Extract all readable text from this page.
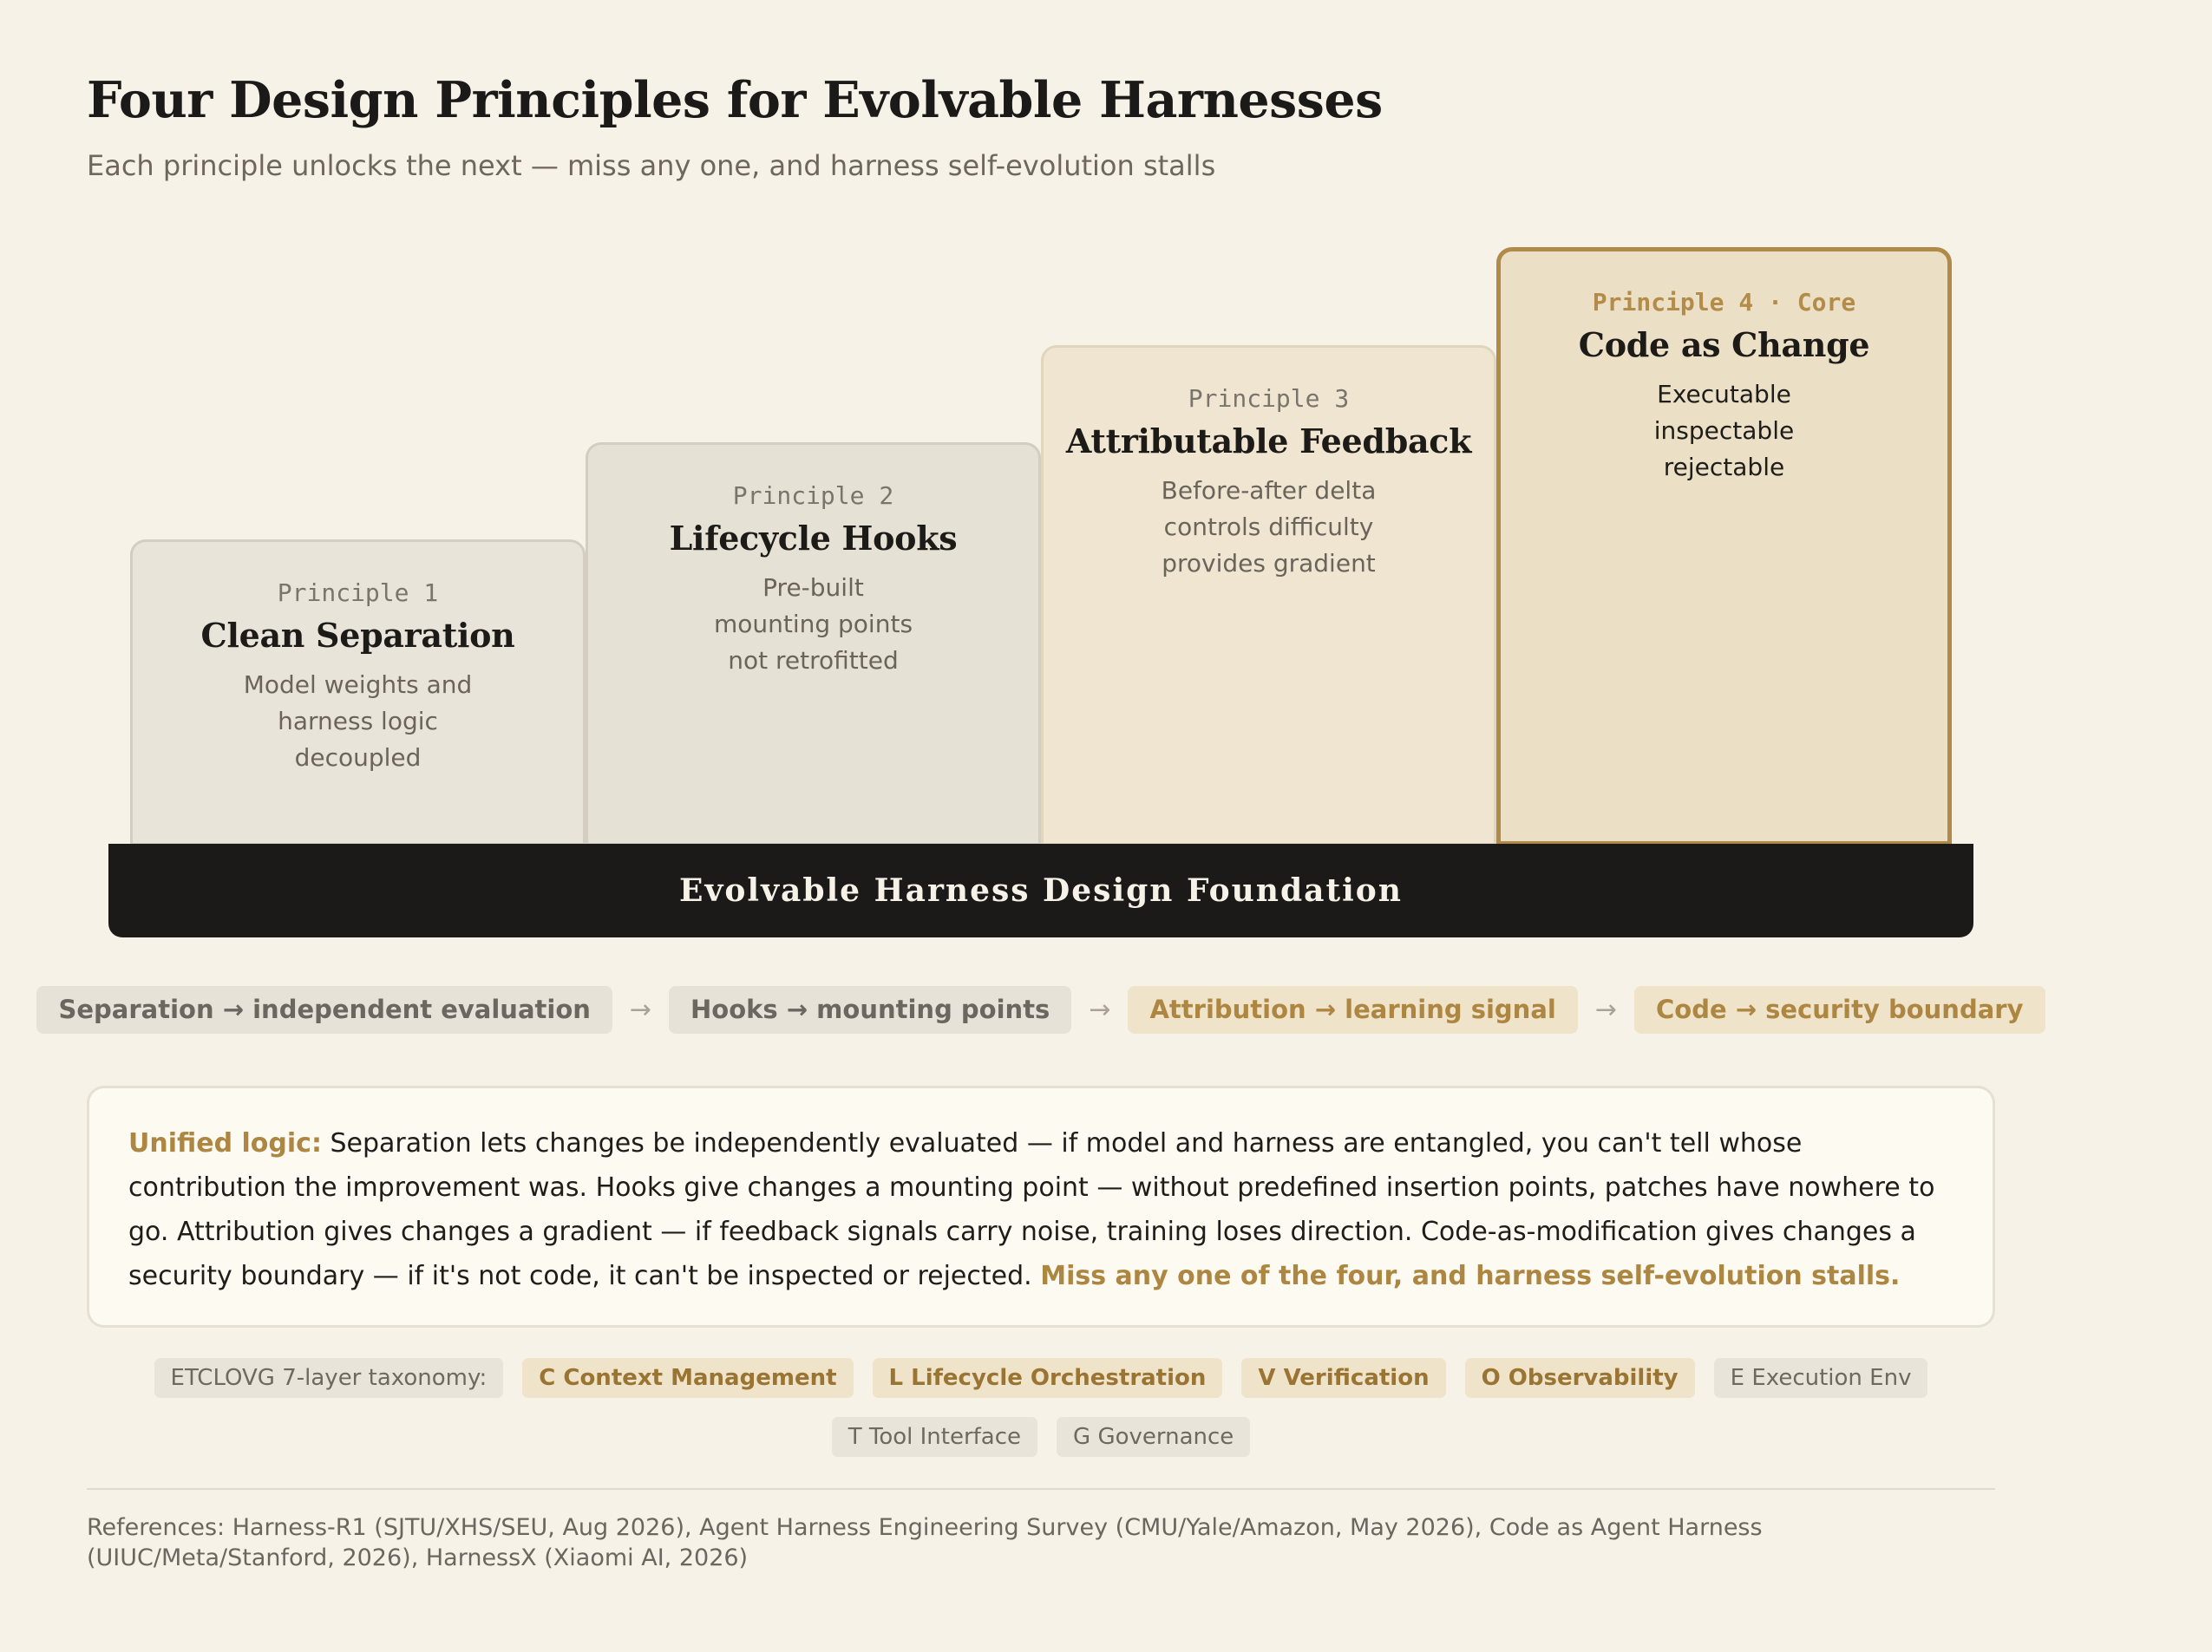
Four Design Principles for Evolvable Harnesses
Each principle unlocks the next — miss any one, and harness self-evolution stalls
Principle 1
Clean Separation
Model weights and
harness logic
decoupled
Principle 2
Lifecycle Hooks
Pre-built
mounting points
not retrofitted
Principle 3
Attributable Feedback
Before-after delta
controls difficulty
provides gradient
Principle 4 · Core
Code as Change
Executable
inspectable
rejectable
Evolvable Harness Design Foundation
Separation → independent evaluation	→	Hooks → mounting points	→	Attribution → learning signal	→	Code → security boundary
Unified logic: Separation lets changes be independently evaluated — if model and harness are entangled, you can't tell whose contribution the improvement was. Hooks give changes a mounting point — without predefined insertion points, patches have nowhere to go. Attribution gives changes a gradient — if feedback signals carry noise, training loses direction. Code-as-modification gives changes a security boundary — if it's not code, it can't be inspected or rejected. Miss any one of the four, and harness self-evolution stalls.
ETCLOVG 7-layer taxonomy:	C Context Management	L Lifecycle Orchestration	V Verification	O Observability	E Execution Env
T Tool Interface	G Governance
References: Harness-R1 (SJTU/XHS/SEU, Aug 2026), Agent Harness Engineering Survey (CMU/Yale/Amazon, May 2026), Code as Agent Harness (UIUC/Meta/Stanford, 2026), HarnessX (Xiaomi AI, 2026)
